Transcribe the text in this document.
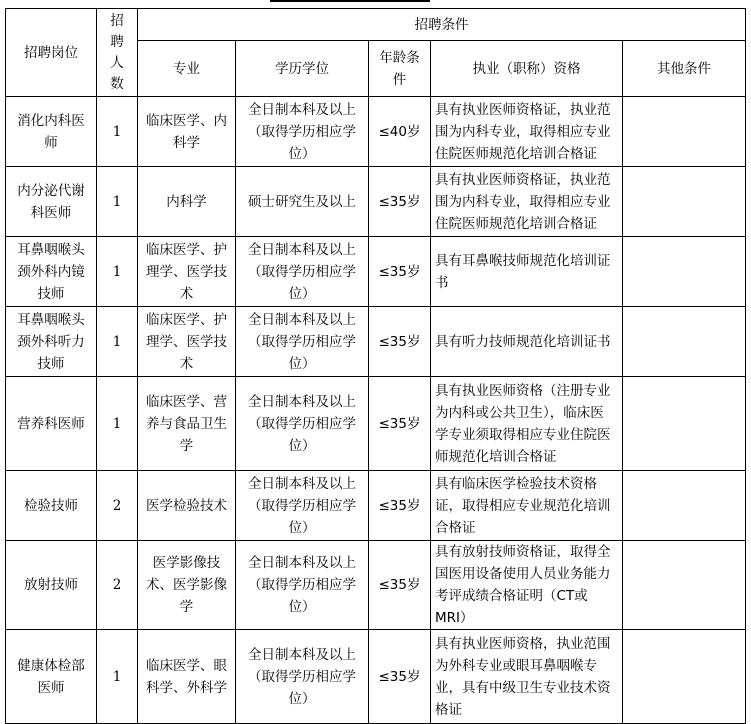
招聘岗位	招
聘
人
数	招聘条件				
		专业	学历学位	年龄条
件	执业（职称）资格	其他条件
消化内科医
师	1	临床医学、内
科学	全日制本科及以上
（取得学历相应学
位）	≤40岁	具有执业医师资格证，执业范
围为内科专业，取得相应专业
住院医师规范化培训合格证	
内分泌代谢
科医师	1	内科学	硕士研究生及以上	≤35岁	具有执业医师资格证，执业范
围为内科专业，取得相应专业
住院医师规范化培训合格证	
耳鼻咽喉头
颈外科内镜
技师	1	临床医学、护
理学、医学技
术	全日制本科及以上
（取得学历相应学
位）	≤35岁	具有耳鼻喉技师规范化培训证
书	
耳鼻咽喉头
颈外科听力
技师	1	临床医学、护
理学、医学技
术	全日制本科及以上
（取得学历相应学
位）	≤35岁	具有听力技师规范化培训证书	
营养科医师	1	临床医学、营
养与食品卫生
学	全日制本科及以上
（取得学历相应学
位）	≤35岁	具有执业医师资格（注册专业
为内科或公共卫生），临床医
学专业须取得相应专业住院医
师规范化培训合格证	
检验技师	2	医学检验技术	全日制本科及以上
（取得学历相应学
位）	≤35岁	具有临床医学检验技术资格
证，取得相应专业规范化培训
合格证	
放射技师	2	医学影像技
术、医学影像
学	全日制本科及以上
（取得学历相应学
位）	≤35岁	具有放射技师资格证，取得全
国医用设备使用人员业务能力
考评成绩合格证明（CT或MRI）	
健康体检部
医师	1	临床医学、眼
科学、外科学	全日制本科及以上
（取得学历相应学
位）	≤35岁	具有执业医师资格，执业范围
为外科专业或眼耳鼻咽喉专
业，具有中级卫生专业技术资
格证	
